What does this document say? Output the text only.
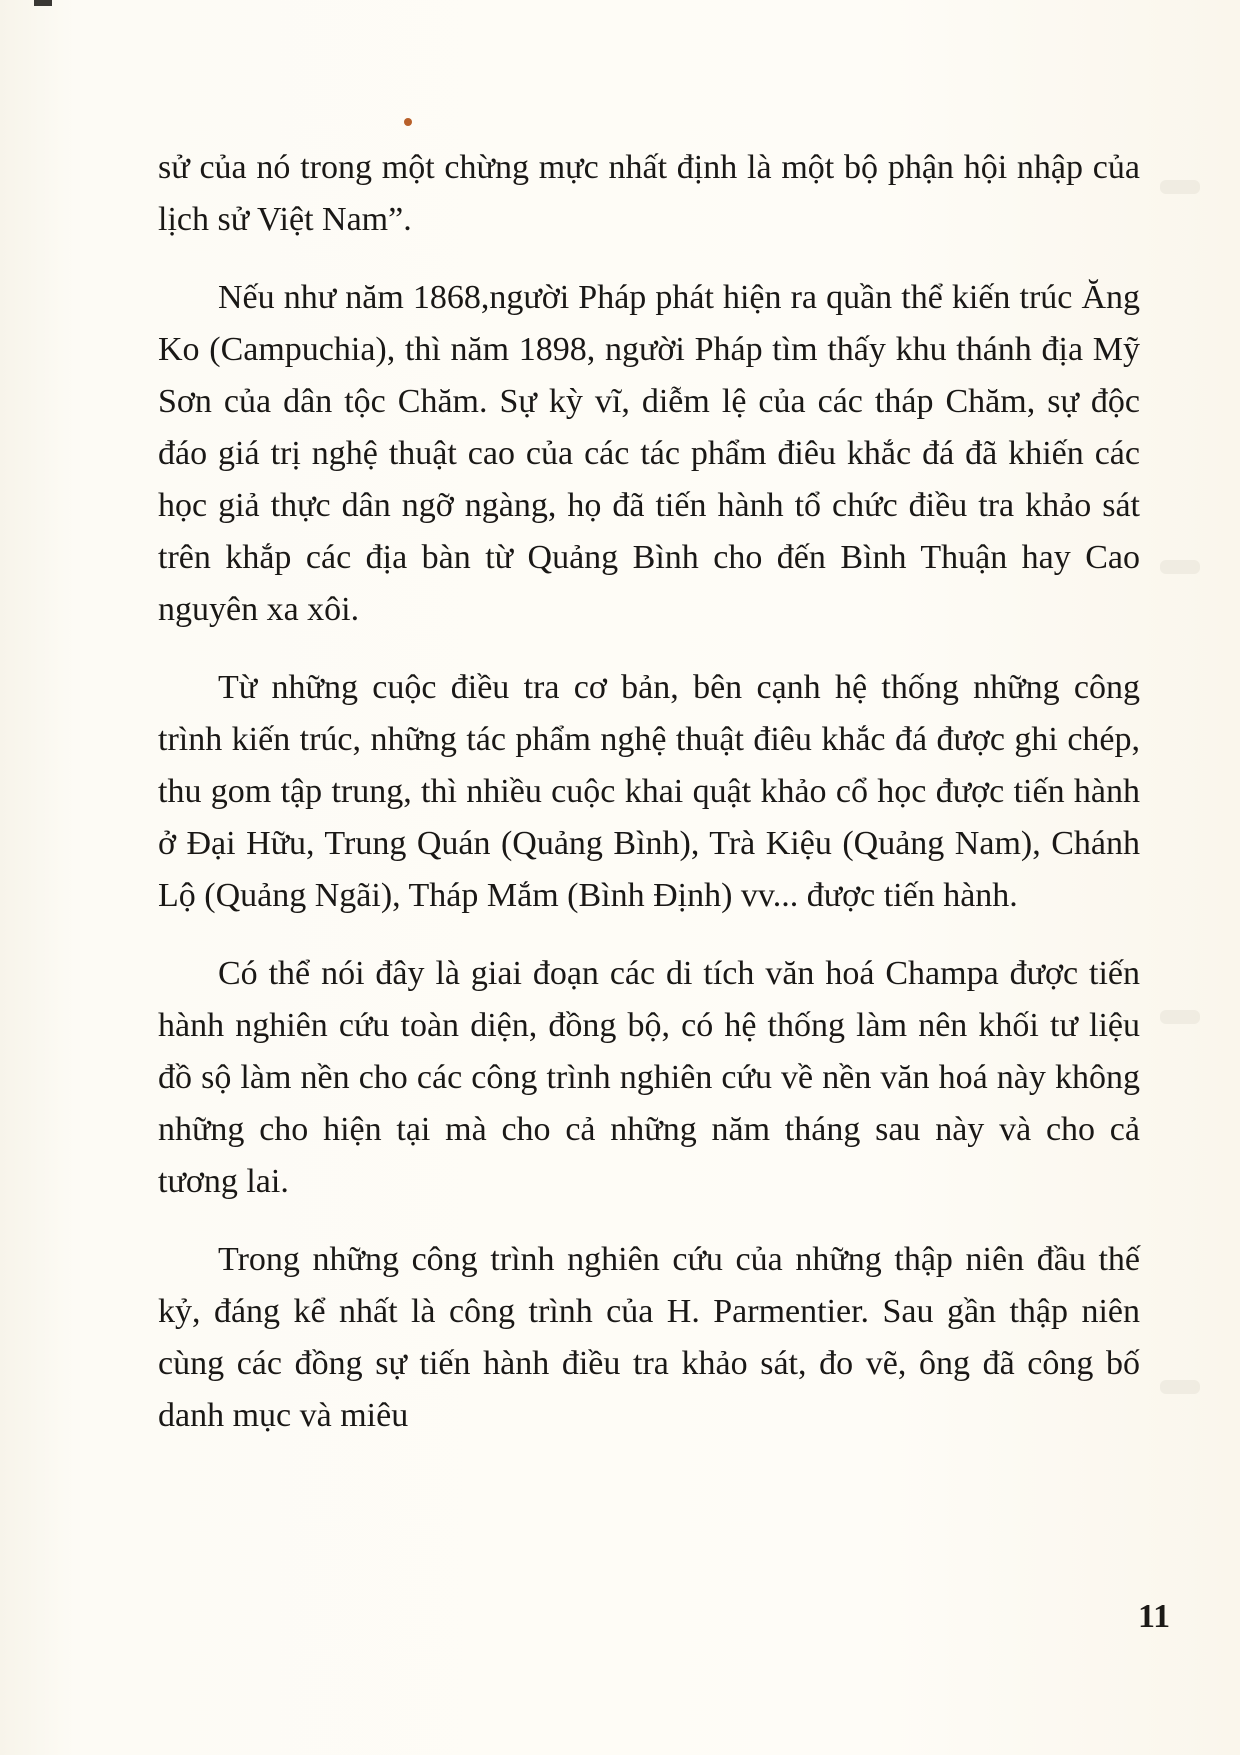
sử của nó trong một chừng mực nhất định là một bộ phận hội nhập của lịch sử Việt Nam”.

Nếu như năm 1868,người Pháp phát hiện ra quần thể kiến trúc Ăng Ko (Campuchia), thì năm 1898, người Pháp tìm thấy khu thánh địa Mỹ Sơn của dân tộc Chăm. Sự kỳ vĩ, diễm lệ của các tháp Chăm, sự độc đáo giá trị nghệ thuật cao của các tác phẩm điêu khắc đá đã khiến các học giả thực dân ngỡ ngàng, họ đã tiến hành tổ chức điều tra khảo sát trên khắp các địa bàn từ Quảng Bình cho đến Bình Thuận hay Cao nguyên xa xôi.

Từ những cuộc điều tra cơ bản, bên cạnh hệ thống những công trình kiến trúc, những tác phẩm nghệ thuật điêu khắc đá được ghi chép, thu gom tập trung, thì nhiều cuộc khai quật khảo cổ học được tiến hành ở Đại Hữu, Trung Quán (Quảng Bình), Trà Kiệu (Quảng Nam), Chánh Lộ (Quảng Ngãi), Tháp Mắm (Bình Định) vv... được tiến hành.

Có thể nói đây là giai đoạn các di tích văn hoá Champa được tiến hành nghiên cứu toàn diện, đồng bộ, có hệ thống làm nên khối tư liệu đồ sộ làm nền cho các công trình nghiên cứu về nền văn hoá này không những cho hiện tại mà cho cả những năm tháng sau này và cho cả tương lai.

Trong những công trình nghiên cứu của những thập niên đầu thế kỷ, đáng kể nhất là công trình của H. Parmentier. Sau gần thập niên cùng các đồng sự tiến hành điều tra khảo sát, đo vẽ, ông đã công bố danh mục và miêu

11
